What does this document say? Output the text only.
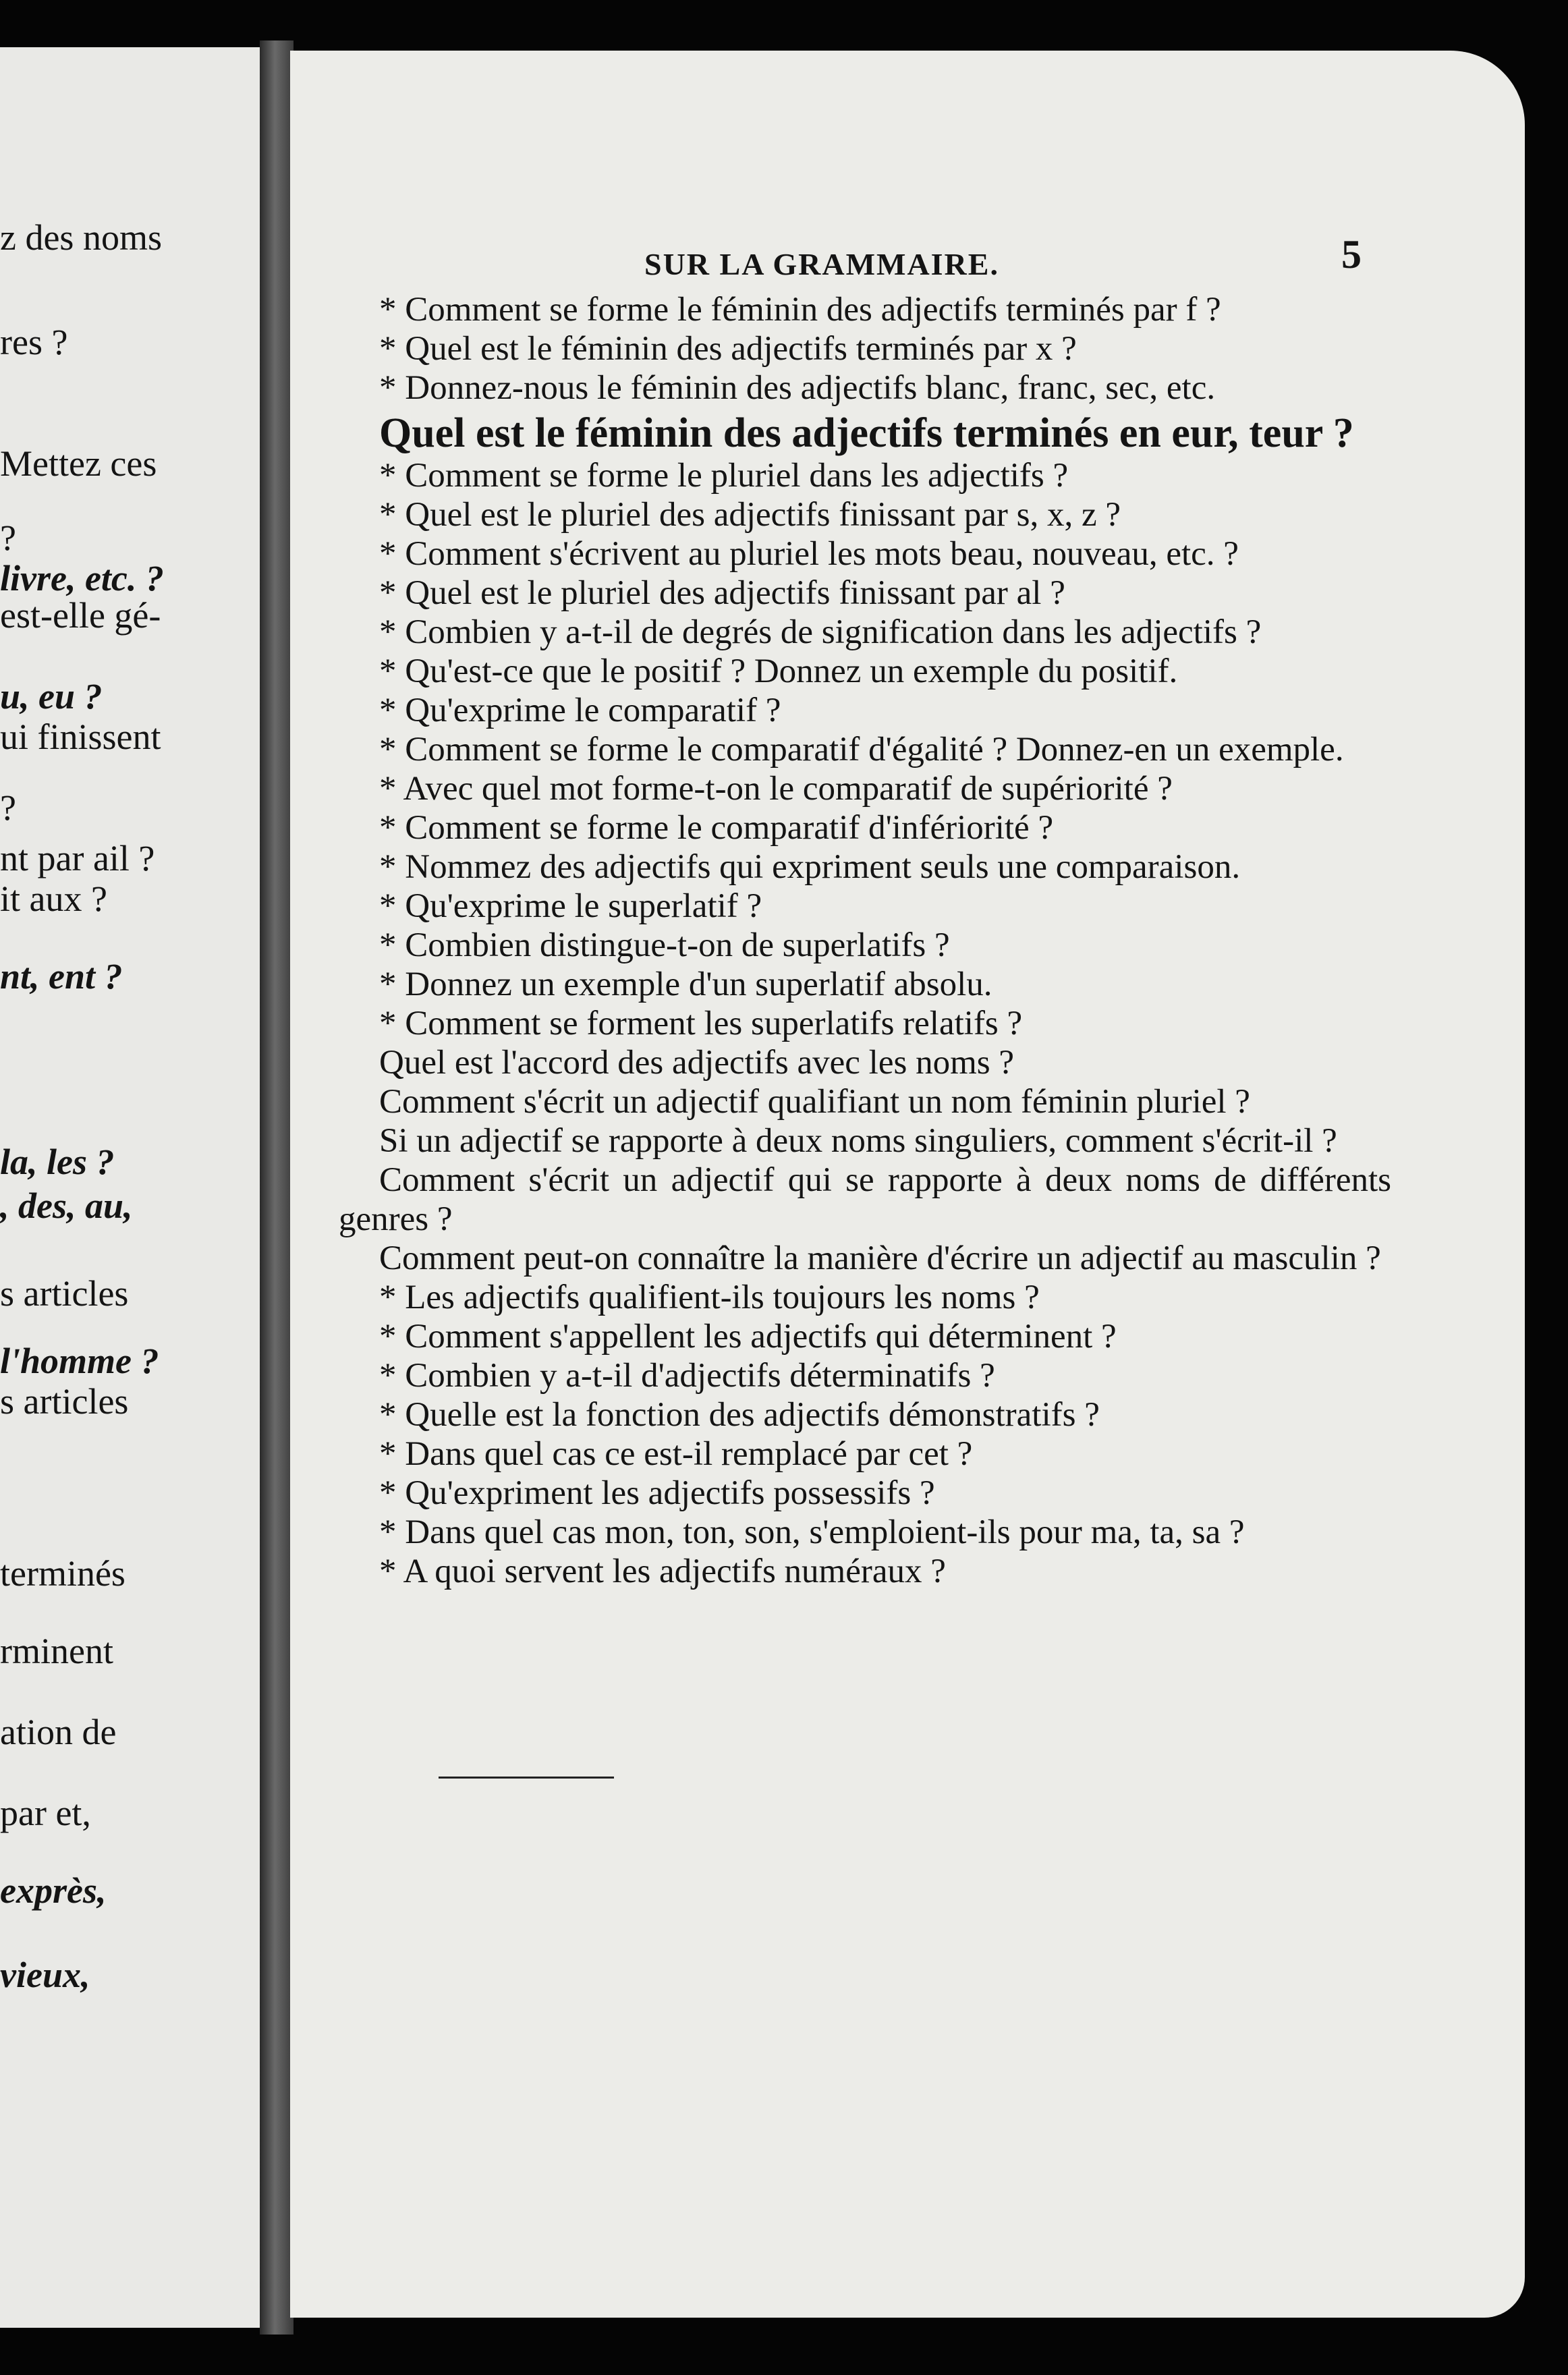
z des noms
res ?
Mettez ces
?
livre, etc. ?
est-elle gé-
u, eu ?
ui finissent
?
nt par ail ?
it aux ?
nt, ent ?
la, les ?
, des, au,
s articles
l'homme ?
s articles
terminés
rminent
ation de
par et,
exprès,
vieux,
SUR LA GRAMMAIRE.	5
* Comment se forme le féminin des adjectifs terminés par f ?
* Quel est le féminin des adjectifs terminés par x ?
* Donnez-nous le féminin des adjectifs blanc, franc, sec, etc.
Quel est le féminin des adjectifs terminés en eur, teur ?
* Comment se forme le pluriel dans les adjectifs ?
* Quel est le pluriel des adjectifs finissant par s, x, z ?
* Comment s'écrivent au pluriel les mots beau, nouveau, etc. ?
* Quel est le pluriel des adjectifs finissant par al ?
* Combien y a-t-il de degrés de signification dans les adjectifs ?
* Qu'est-ce que le positif ? Donnez un exemple du positif.
* Qu'exprime le comparatif ?
* Comment se forme le comparatif d'égalité ? Donnez-en un exemple.
* Avec quel mot forme-t-on le comparatif de supériorité ?
* Comment se forme le comparatif d'infériorité ?
* Nommez des adjectifs qui expriment seuls une comparaison.
* Qu'exprime le superlatif ?
* Combien distingue-t-on de superlatifs ?
* Donnez un exemple d'un superlatif absolu.
* Comment se forment les superlatifs relatifs ?
Quel est l'accord des adjectifs avec les noms ?
Comment s'écrit un adjectif qualifiant un nom féminin pluriel ?
Si un adjectif se rapporte à deux noms singuliers, comment s'écrit-il ?
Comment s'écrit un adjectif qui se rapporte à deux noms de différents genres ?
Comment peut-on connaître la manière d'écrire un adjectif au masculin ?
* Les adjectifs qualifient-ils toujours les noms ?
* Comment s'appellent les adjectifs qui déterminent ?
* Combien y a-t-il d'adjectifs déterminatifs ?
* Quelle est la fonction des adjectifs démonstratifs ?
* Dans quel cas ce est-il remplacé par cet ?
* Qu'expriment les adjectifs possessifs ?
* Dans quel cas mon, ton, son, s'emploient-ils pour ma, ta, sa ?
* A quoi servent les adjectifs numéraux ?
